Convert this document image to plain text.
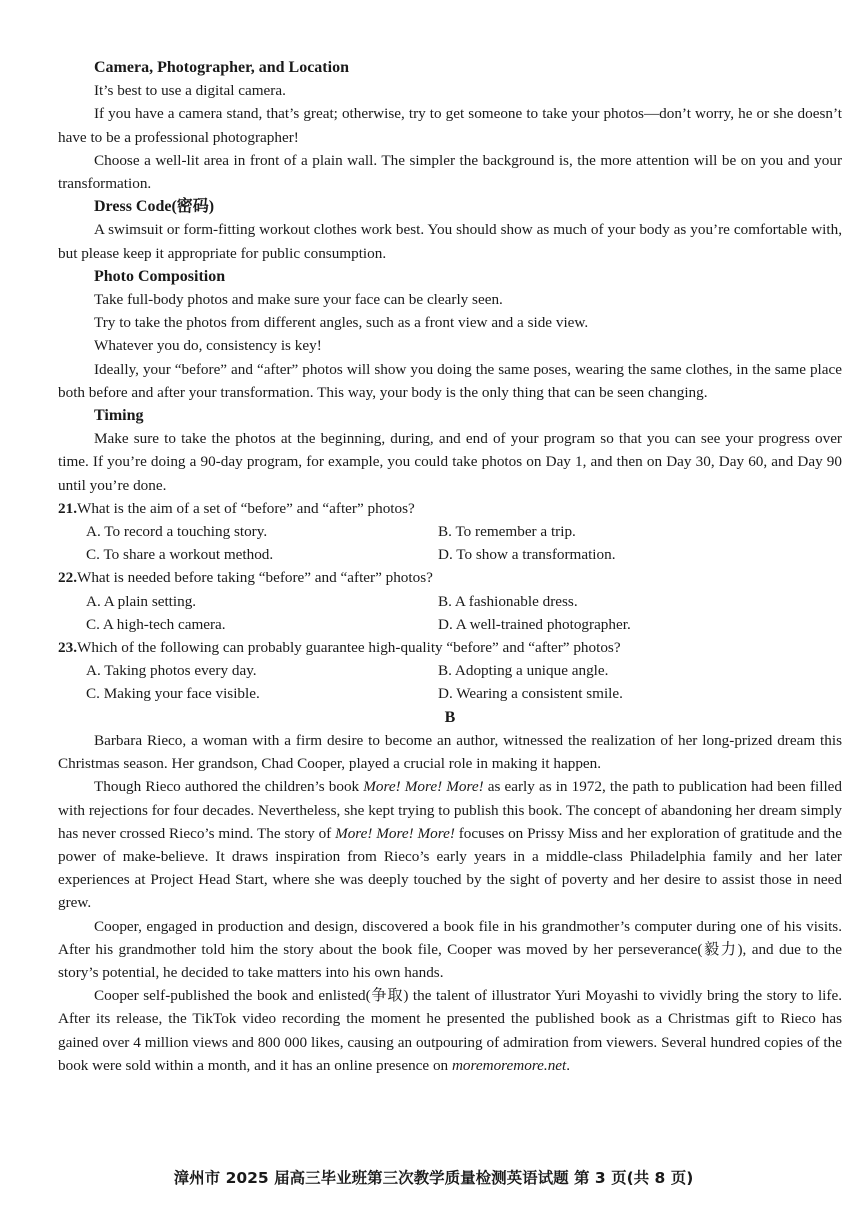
Camera, Photographer, and Location

It’s best to use a digital camera.

If you have a camera stand, that’s great; otherwise, try to get someone to take your photos—don’t worry, he or she doesn’t have to be a professional photographer!

Choose a well-lit area in front of a plain wall. The simpler the background is, the more attention will be on you and your transformation.

Dress Code(密码)

A swimsuit or form-fitting workout clothes work best. You should show as much of your body as you’re comfortable with, but please keep it appropriate for public consumption.

Photo Composition

Take full-body photos and make sure your face can be clearly seen.

Try to take the photos from different angles, such as a front view and a side view.

Whatever you do, consistency is key!

Ideally, your “before” and “after” photos will show you doing the same poses, wearing the same clothes, in the same place both before and after your transformation. This way, your body is the only thing that can be seen changing.

Timing

Make sure to take the photos at the beginning, during, and end of your program so that you can see your progress over time. If you’re doing a 90-day program, for example, you could take photos on Day 1, and then on Day 30, Day 60, and Day 90 until you’re done.

21.What is the aim of a set of “before” and “after” photos?

A. To record a touching story.	B. To remember a trip.
C. To share a workout method.	D. To show a transformation.

22.What is needed before taking “before” and “after” photos?

A. A plain setting.	B. A fashionable dress.
C. A high-tech camera.	D. A well-trained photographer.

23.Which of the following can probably guarantee high-quality “before” and “after” photos?

A. Taking photos every day.	B. Adopting a unique angle.
C. Making your face visible.	D. Wearing a consistent smile.

B

Barbara Rieco, a woman with a firm desire to become an author, witnessed the realization of her long-prized dream this Christmas season. Her grandson, Chad Cooper, played a crucial role in making it happen.

Though Rieco authored the children’s book More! More! More! as early as in 1972, the path to publication had been filled with rejections for four decades. Nevertheless, she kept trying to publish this book. The concept of abandoning her dream simply has never crossed Rieco’s mind. The story of More! More! More! focuses on Prissy Miss and her exploration of gratitude and the power of make-believe. It draws inspiration from Rieco’s early years in a middle-class Philadelphia family and her later experiences at Project Head Start, where she was deeply touched by the sight of poverty and her desire to assist those in need grew.

Cooper, engaged in production and design, discovered a book file in his grandmother’s computer during one of his visits. After his grandmother told him the story about the book file, Cooper was moved by her perseverance(毅力), and due to the story’s potential, he decided to take matters into his own hands.

Cooper self-published the book and enlisted(争取) the talent of illustrator Yuri Moyashi to vividly bring the story to life. After its release, the TikTok video recording the moment he presented the published book as a Christmas gift to Rieco has gained over 4 million views and 800 000 likes, causing an outpouring of admiration from viewers. Several hundred copies of the book were sold within a month, and it has an online presence on moremoremore.net.

漳州市 2025 届高三毕业班第三次教学质量检测英语试题 第 3 页(共 8 页)
